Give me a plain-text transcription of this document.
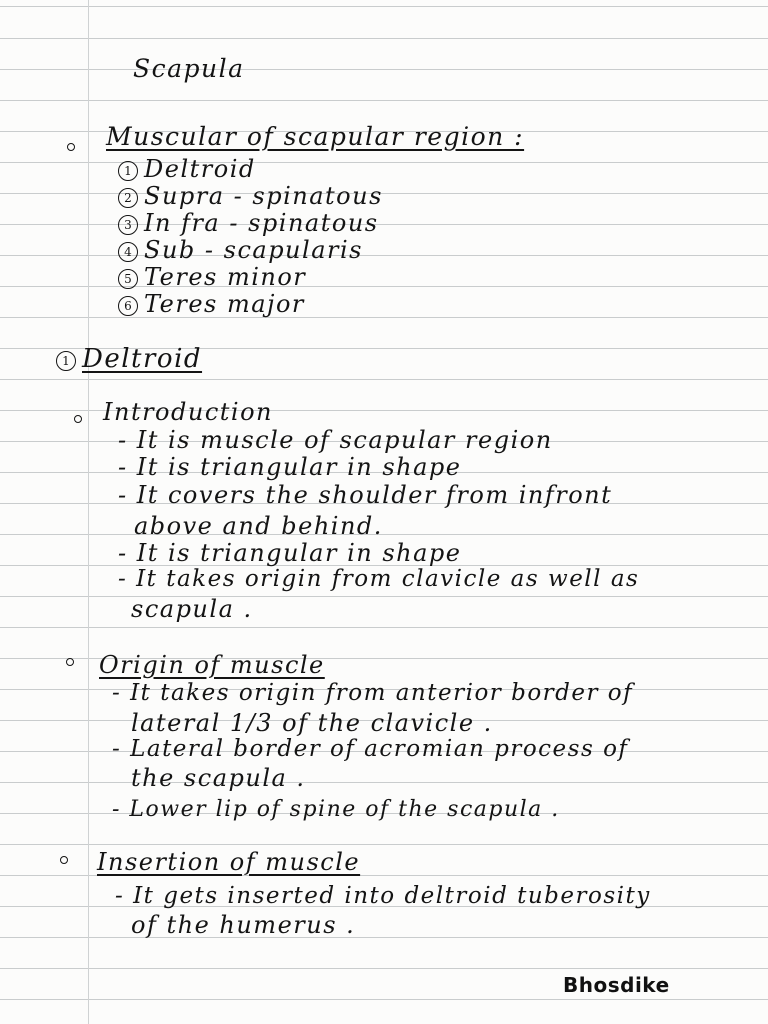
Scapula
Muscular of scapular region :
1 Deltroid
2 Supra - spinatous
3 In fra - spinatous
4 Sub - scapularis
5 Teres minor
6 Teres major
1 Deltroid
Introduction
- It is muscle of scapular region
- It is triangular in shape
- It covers the shoulder from infront
above and behind.
- It is triangular in shape
- It takes origin from clavicle as well as
scapula .
Origin of muscle
- It takes origin from anterior border of
lateral 1/3 of the clavicle .
- Lateral border of acromian process of
the scapula .
- Lower lip of spine of the scapula .
Insertion of muscle
- It gets inserted into deltroid tuberosity
of the humerus .
Bhosdike
